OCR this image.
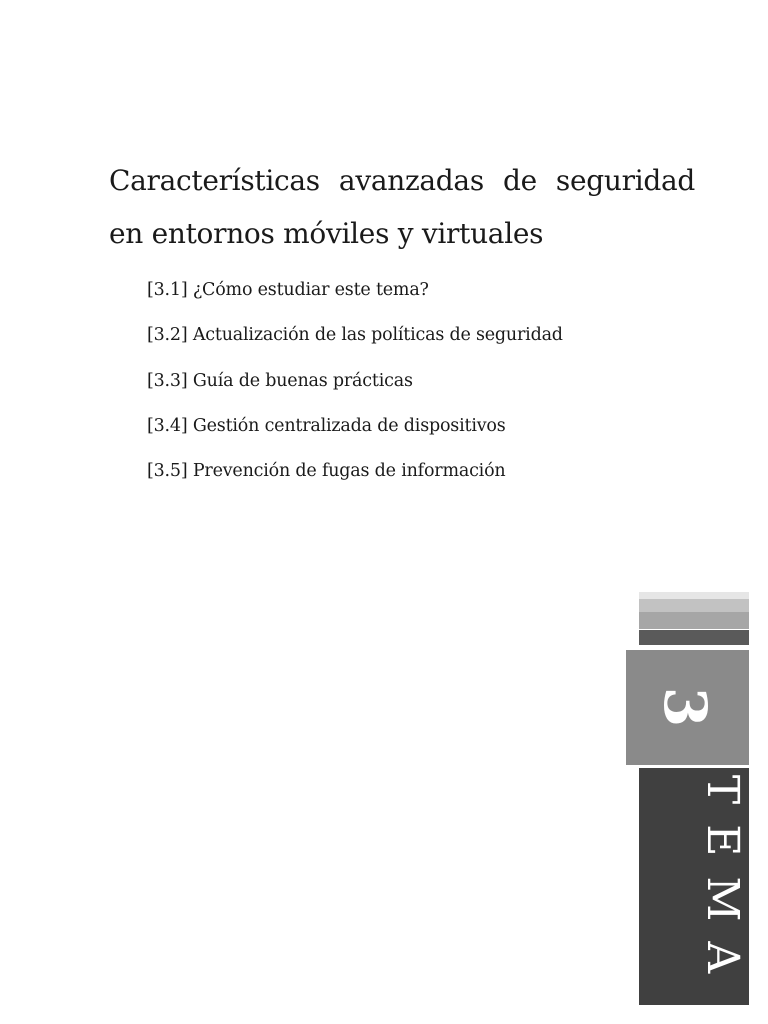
Características avanzadas de seguridad en entornos móviles y virtuales
[3.1] ¿Cómo estudiar este tema?
[3.2] Actualización de las políticas de seguridad
[3.3] Guía de buenas prácticas
[3.4] Gestión centralizada de dispositivos
[3.5] Prevención de fugas de información
3
TEMA
